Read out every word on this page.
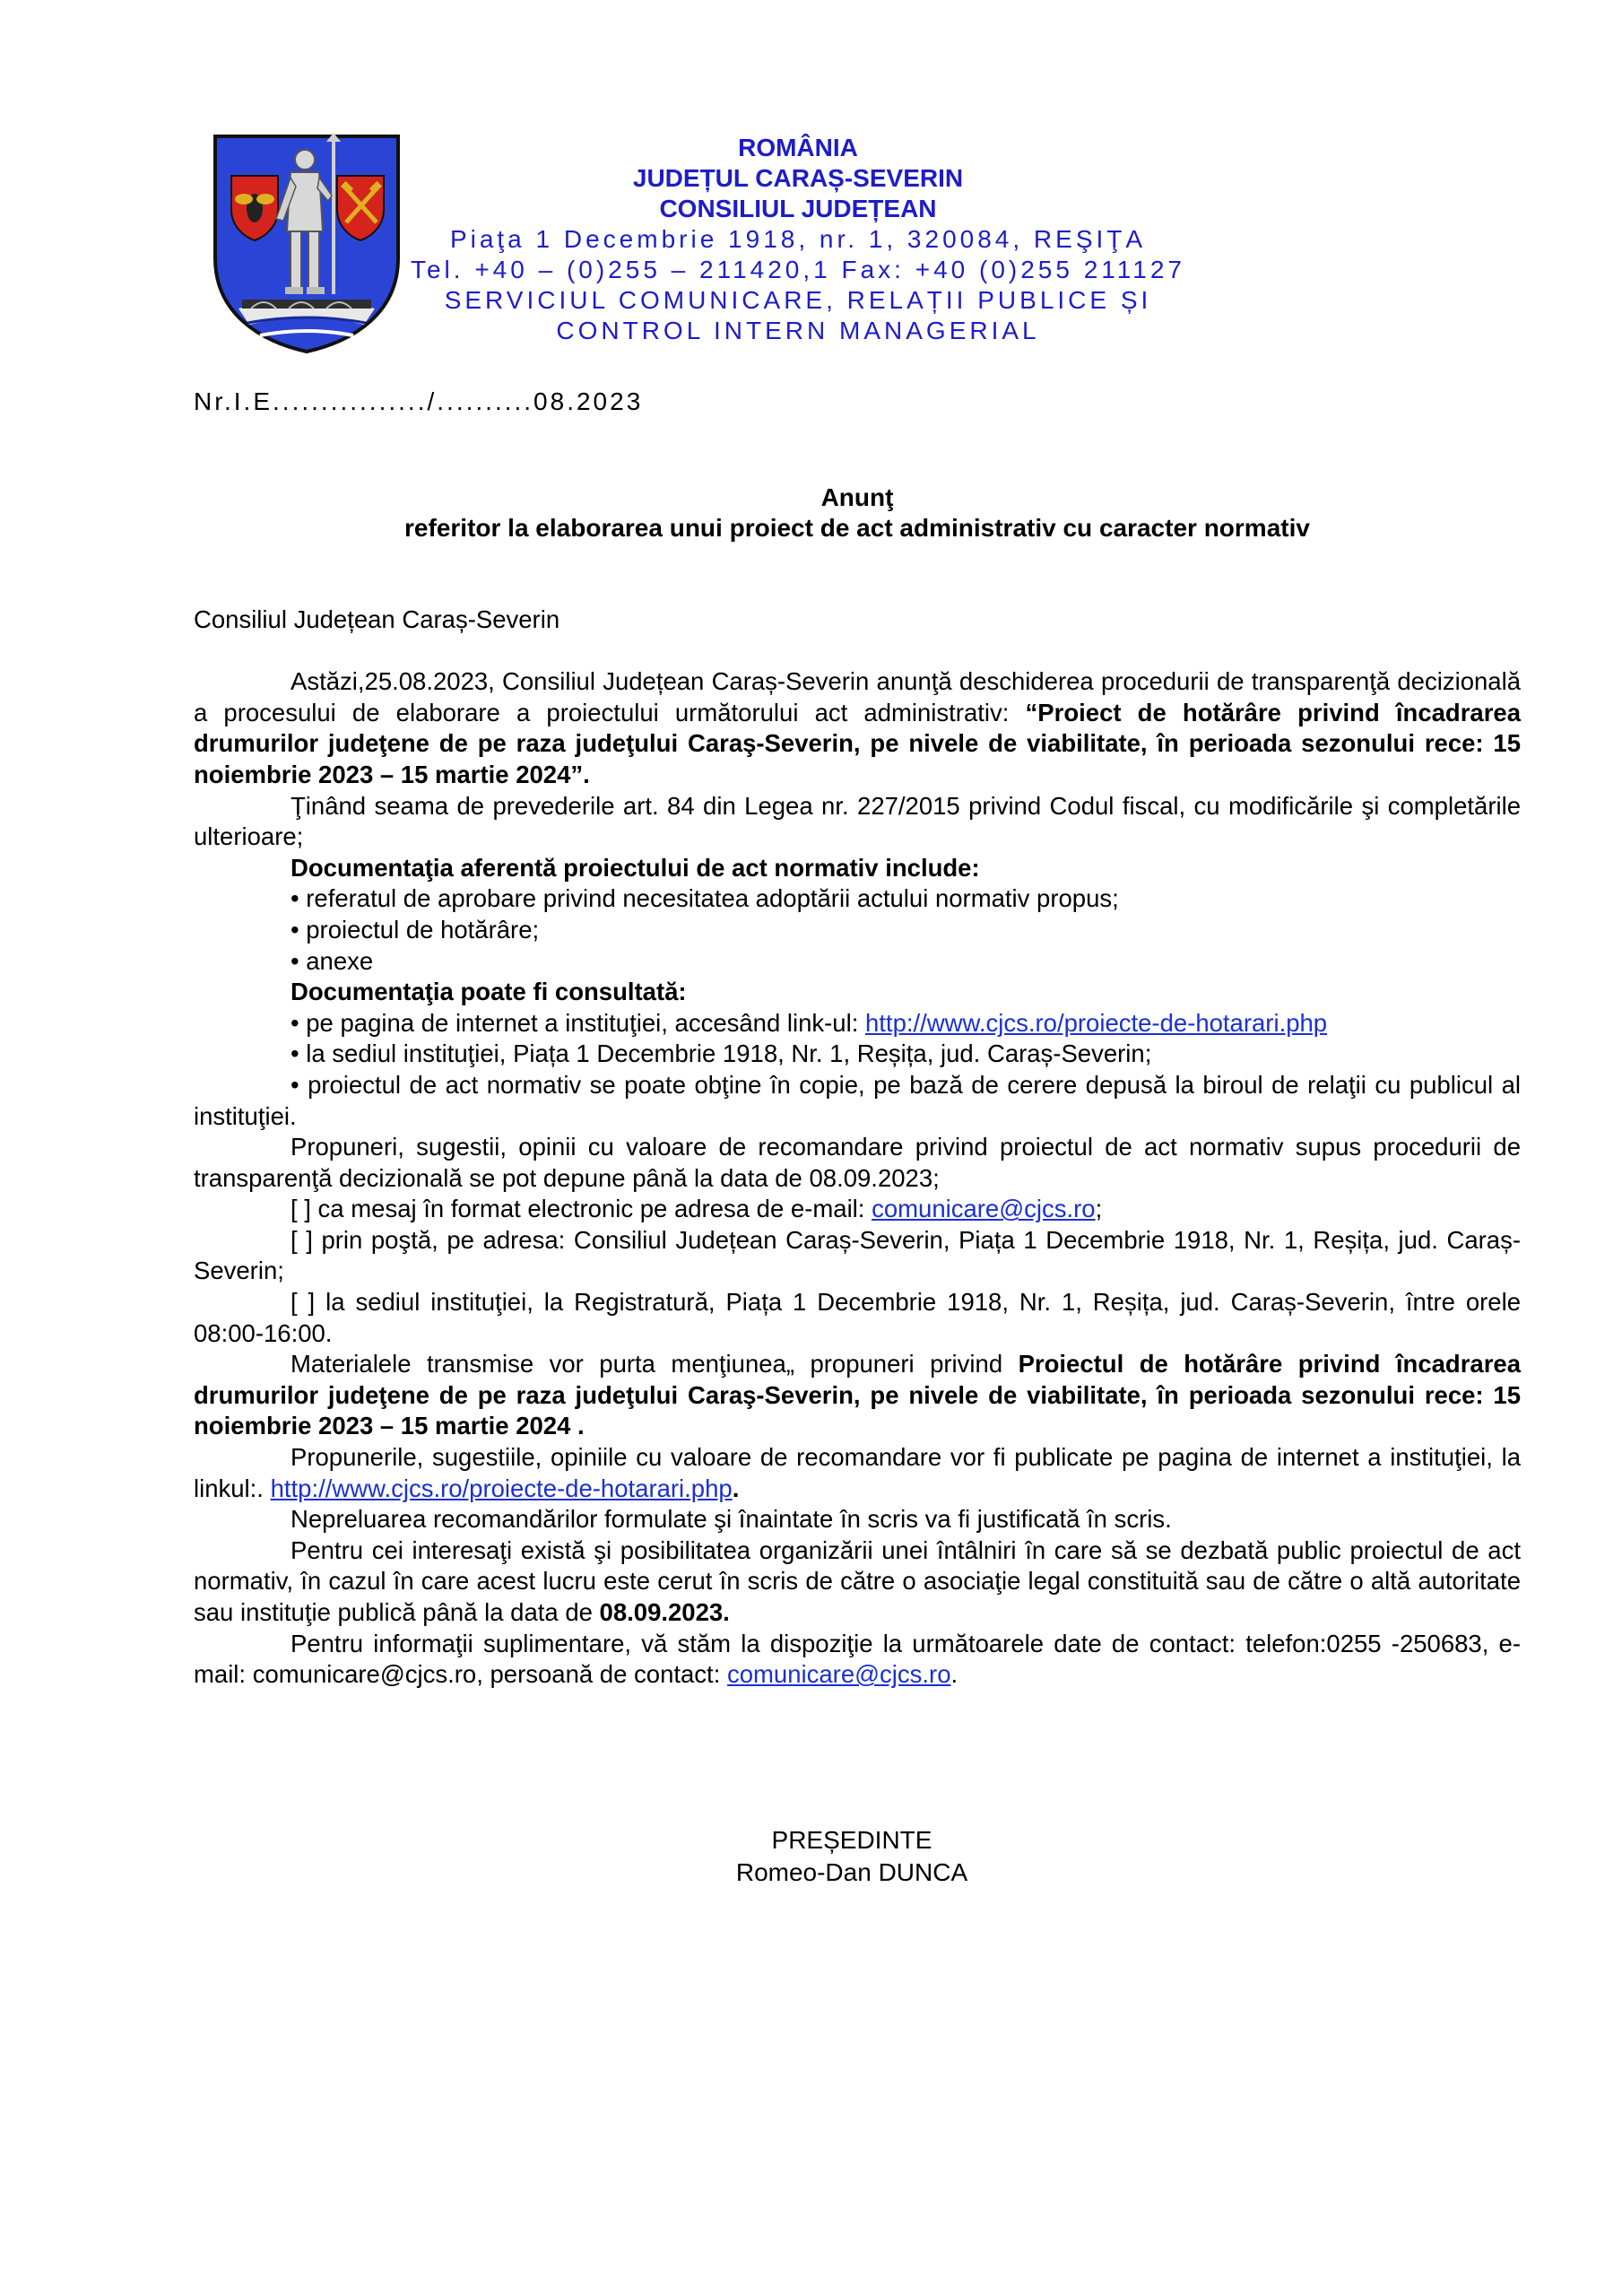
ROMÂNIA
JUDEȚUL CARAȘ-SEVERIN
CONSILIUL JUDEȚEAN
Piaţa 1 Decembrie 1918, nr. 1, 320084, REŞIŢA
Tel. +40 – (0)255 – 211420,1 Fax: +40 (0)255 211127
SERVICIUL COMUNICARE, RELAȚII PUBLICE ȘI
CONTROL INTERN MANAGERIAL
Nr.I.E................/..........08.2023
Anunţ
referitor la elaborarea unui proiect de act administrativ cu caracter normativ

Consiliul Județean Caraș-Severin

Astăzi,25.08.2023, Consiliul Județean Caraș-Severin anunţă deschiderea procedurii de transparenţă decizională a procesului de elaborare a proiectului următorului act administrativ: “Proiect de hotărâre privind încadrarea drumurilor judeţene de pe raza judeţului Caraş-Severin, pe nivele de viabilitate, în perioada sezonului rece: 15 noiembrie 2023 – 15 martie 2024”.

Ţinând seama de prevederile art. 84 din Legea nr. 227/2015 privind Codul fiscal, cu modificările şi completările ulterioare;

Documentaţia aferentă proiectului de act normativ include:

• referatul de aprobare privind necesitatea adoptării actului normativ propus;

• proiectul de hotărâre;

• anexe

Documentaţia poate fi consultată:

• pe pagina de internet a instituţiei, accesând link-ul: http://www.cjcs.ro/proiecte-de-hotarari.php

• la sediul instituţiei, Piața 1 Decembrie 1918, Nr. 1, Reșița, jud. Caraș-Severin;

• proiectul de act normativ se poate obţine în copie, pe bază de cerere depusă la biroul de relaţii cu publicul al instituţiei.

Propuneri, sugestii, opinii cu valoare de recomandare privind proiectul de act normativ supus procedurii de transparenţă decizională se pot depune până la data de 08.09.2023;

[ ] ca mesaj în format electronic pe adresa de e-mail: comunicare@cjcs.ro;

[ ] prin poştă, pe adresa: Consiliul Județean Caraș-Severin, Piața 1 Decembrie 1918, Nr. 1, Reșița, jud. Caraș-Severin;

[ ] la sediul instituţiei, la Registratură, Piața 1 Decembrie 1918, Nr. 1, Reșița, jud. Caraș-Severin, între orele 08:00-16:00.

Materialele transmise vor purta menţiunea„ propuneri privind Proiectul de hotărâre privind încadrarea drumurilor judeţene de pe raza judeţului Caraş-Severin, pe nivele de viabilitate, în perioada sezonului rece: 15 noiembrie 2023 – 15 martie 2024 .

Propunerile, sugestiile, opiniile cu valoare de recomandare vor fi publicate pe pagina de internet a instituţiei, la linkul:. http://www.cjcs.ro/proiecte-de-hotarari.php.

Nepreluarea recomandărilor formulate şi înaintate în scris va fi justificată în scris.

Pentru cei interesaţi există şi posibilitatea organizării unei întâlniri în care să se dezbată public proiectul de act normativ, în cazul în care acest lucru este cerut în scris de către o asociaţie legal constituită sau de către o altă autoritate sau instituţie publică până la data de 08.09.2023.

Pentru informaţii suplimentare, vă stăm la dispoziţie la următoarele date de contact: telefon:0255 -250683, e-mail: comunicare@cjcs.ro, persoană de contact: comunicare@cjcs.ro.

PREȘEDINTE
Romeo-Dan DUNCA
